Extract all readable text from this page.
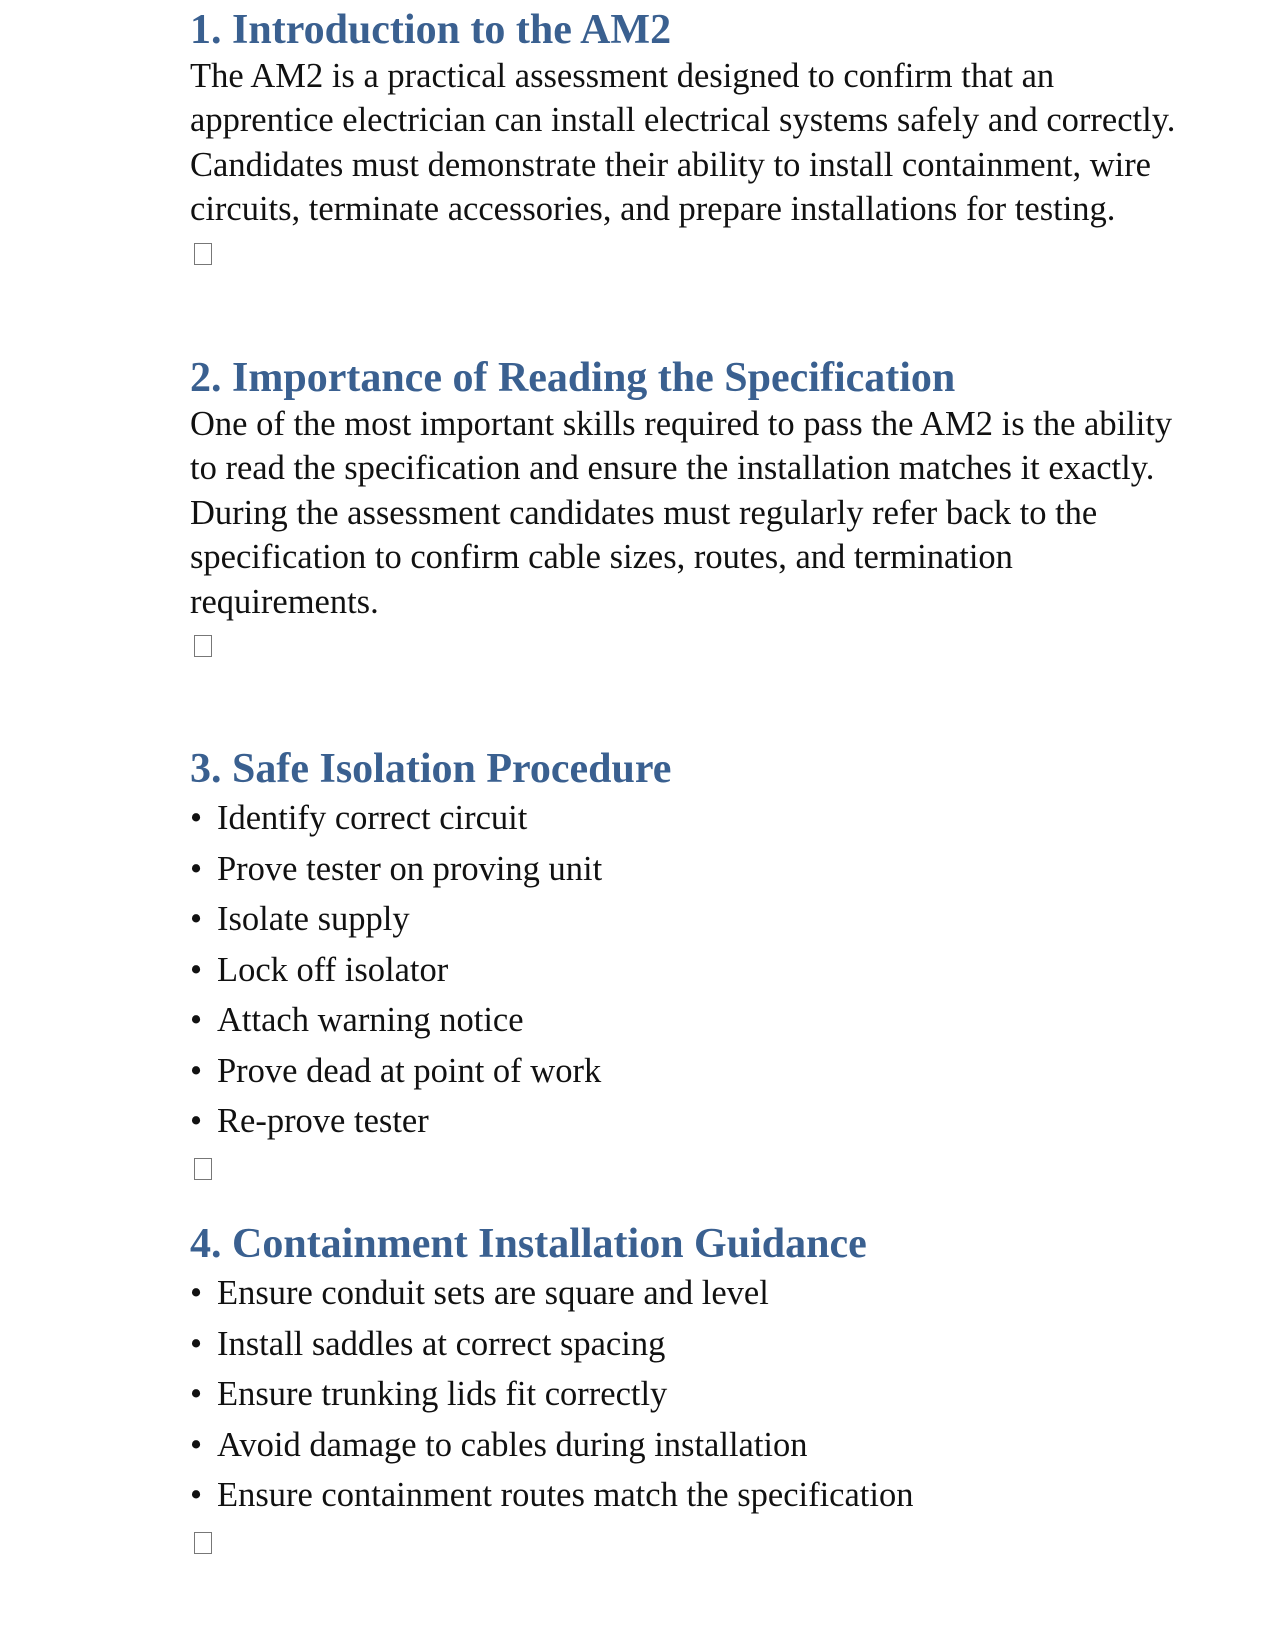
1. Introduction to the AM2

The AM2 is a practical assessment designed to confirm that an apprentice electrician can install electrical systems safely and correctly. Candidates must demonstrate their ability to install containment, wire circuits, terminate accessories, and prepare installations for testing.

2. Importance of Reading the Specification

One of the most important skills required to pass the AM2 is the ability to read the specification and ensure the installation matches it exactly.

During the assessment candidates must regularly refer back to the specification to confirm cable sizes, routes, and termination requirements.

3. Safe Isolation Procedure
• Identify correct circuit
• Prove tester on proving unit
• Isolate supply
• Lock off isolator
• Attach warning notice
• Prove dead at point of work
• Re-prove tester
4. Containment Installation Guidance
• Ensure conduit sets are square and level
• Install saddles at correct spacing
• Ensure trunking lids fit correctly
• Avoid damage to cables during installation
• Ensure containment routes match the specification
